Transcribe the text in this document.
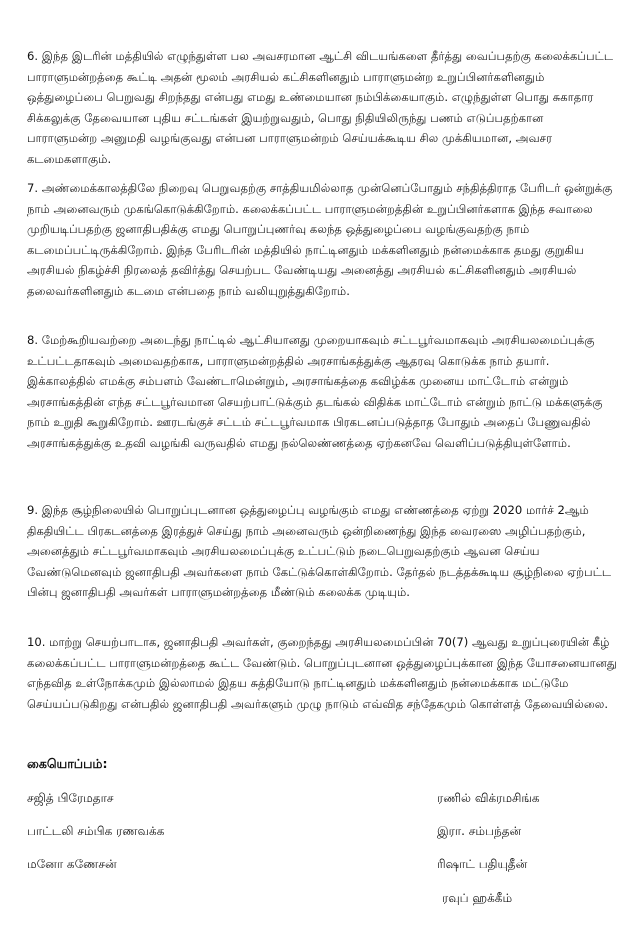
6. இந்த இடரின் மத்தியில் எழுந்துள்ள பல அவசரமான ஆட்சி விடயங்களை தீர்த்து வைப்பதற்கு கலைக்கப்பட்ட பாராளுமன்றத்தை கூட்டி அதன் மூலம் அரசியல் கட்சிகளினதும் பாராளுமன்ற உறுப்பினர்களினதும் ஒத்துழைப்பை பெறுவது சிறந்தது என்பது எமது உண்மையான நம்பிக்கையாகும். எழுந்துள்ள பொது சுகாதார சிக்கலுக்கு தேவையான புதிய சட்டங்கள் இயற்றுவதும், பொது நிதியிலிருந்து பணம் எடுப்பதற்கான பாராளுமன்ற அனுமதி வழங்குவது என்பன பாராளுமன்றம் செய்யக்கூடிய சில முக்கியமான, அவசர கடமைகளாகும்.

7. அண்மைக்காலத்திலே நிறைவு பெறுவதற்கு சாத்தியமில்லாத முன்னெப்போதும் சந்தித்திராத பேரிடர் ஒன்றுக்கு நாம் அனைவரும் முகங்கொடுக்கிறோம். கலைக்கப்பட்ட பாராளுமன்றத்தின் உறுப்பினர்களாக இந்த சவாலை முறியடிப்பதற்கு ஜனாதிபதிக்கு எமது பொறுப்புணர்வு கலந்த ஒத்துழைப்பை வழங்குவதற்கு நாம் கடமைப்பட்டிருக்கிறோம். இந்த பேரிடரின் மத்தியில் நாட்டினதும் மக்களினதும் நன்மைக்காக தமது குறுகிய அரசியல் நிகழ்ச்சி நிரலைத் தவிர்த்து செயற்பட வேண்டியது அனைத்து அரசியல் கட்சிகளினதும் அரசியல் தலைவர்களினதும் கடமை என்பதை நாம் வலியுறுத்துகிறோம்.

8. மேற்கூறியவற்றை அடைந்து நாட்டில் ஆட்சியானது முறையாகவும் சட்டபூர்வமாகவும் அரசியலமைப்புக்கு உட்பட்டதாகவும் அமைவதற்காக, பாராளுமன்றத்தில் அரசாங்கத்துக்கு ஆதரவு கொடுக்க நாம் தயார். இக்காலத்தில் எமக்கு சம்பளம் வேண்டாமென்றும், அரசாங்கத்தை கவிழ்க்க முனைய மாட்டோம் என்றும் அரசாங்கத்தின் எந்த சட்டபூர்வமான செயற்பாட்டுக்கும் தடங்கல் விதிக்க மாட்டோம் என்றும் நாட்டு மக்களுக்கு நாம் உறுதி கூறுகிறோம். ஊரடங்குச் சட்டம் சட்டபூர்வமாக பிரகடனப்படுத்தாத போதும் அதைப் பேணுவதில் அரசாங்கத்துக்கு உதவி வழங்கி வருவதில் எமது நல்லெண்ணத்தை ஏற்கனவே வெளிப்படுத்தியுள்ளோம்.

9. இந்த சூழ்நிலையில் பொறுப்புடனான ஒத்துழைப்பு வழங்கும் எமது எண்ணத்தை ஏற்று 2020 மார்ச் 2ஆம் திகதியிட்ட பிரகடனத்தை இரத்துச் செய்து நாம் அனைவரும் ஒன்றிணைந்து இந்த வைரஸை அழிப்பதற்கும், அனைத்தும் சட்டபூர்வமாகவும் அரசியலமைப்புக்கு உட்பட்டும் நடைபெறுவதற்கும் ஆவன செய்ய வேண்டுமெனவும் ஜனாதிபதி அவர்களை நாம் கேட்டுக்கொள்கிறோம். தேர்தல் நடத்தக்கூடிய சூழ்நிலை ஏற்பட்ட பின்பு ஜனாதிபதி அவர்கள் பாராளுமன்றத்தை மீண்டும் கலைக்க முடியும்.

10. மாற்று செயற்பாடாக, ஜனாதிபதி அவர்கள், குறைந்தது அரசியலமைப்பின் 70(7) ஆவது உறுப்புரையின் கீழ் கலைக்கப்பட்ட பாராளுமன்றத்தை கூட்ட வேண்டும். பொறுப்புடனான ஒத்துழைப்புக்கான இந்த யோசனையானது எந்தவித உள்நோக்கமும் இல்லாமல் இதய சுத்தியோடு நாட்டினதும் மக்களினதும் நன்மைக்காக மட்டுமே செய்யப்படுகிறது என்பதில் ஜனாதிபதி அவர்களும் முழு நாடும் எவ்வித சந்தேகமும் கொள்ளத் தேவையில்லை.

கையொப்பம்:

சஜித் பிரேமதாச

பாட்டலி சம்பிக ரணவக்க

மனோ கணேசன்

ரணில் விக்ரமசிங்க

இரா. சம்பந்தன்

ரிஷாட் பதியுதீன்

ரவுப் ஹக்கீம்
